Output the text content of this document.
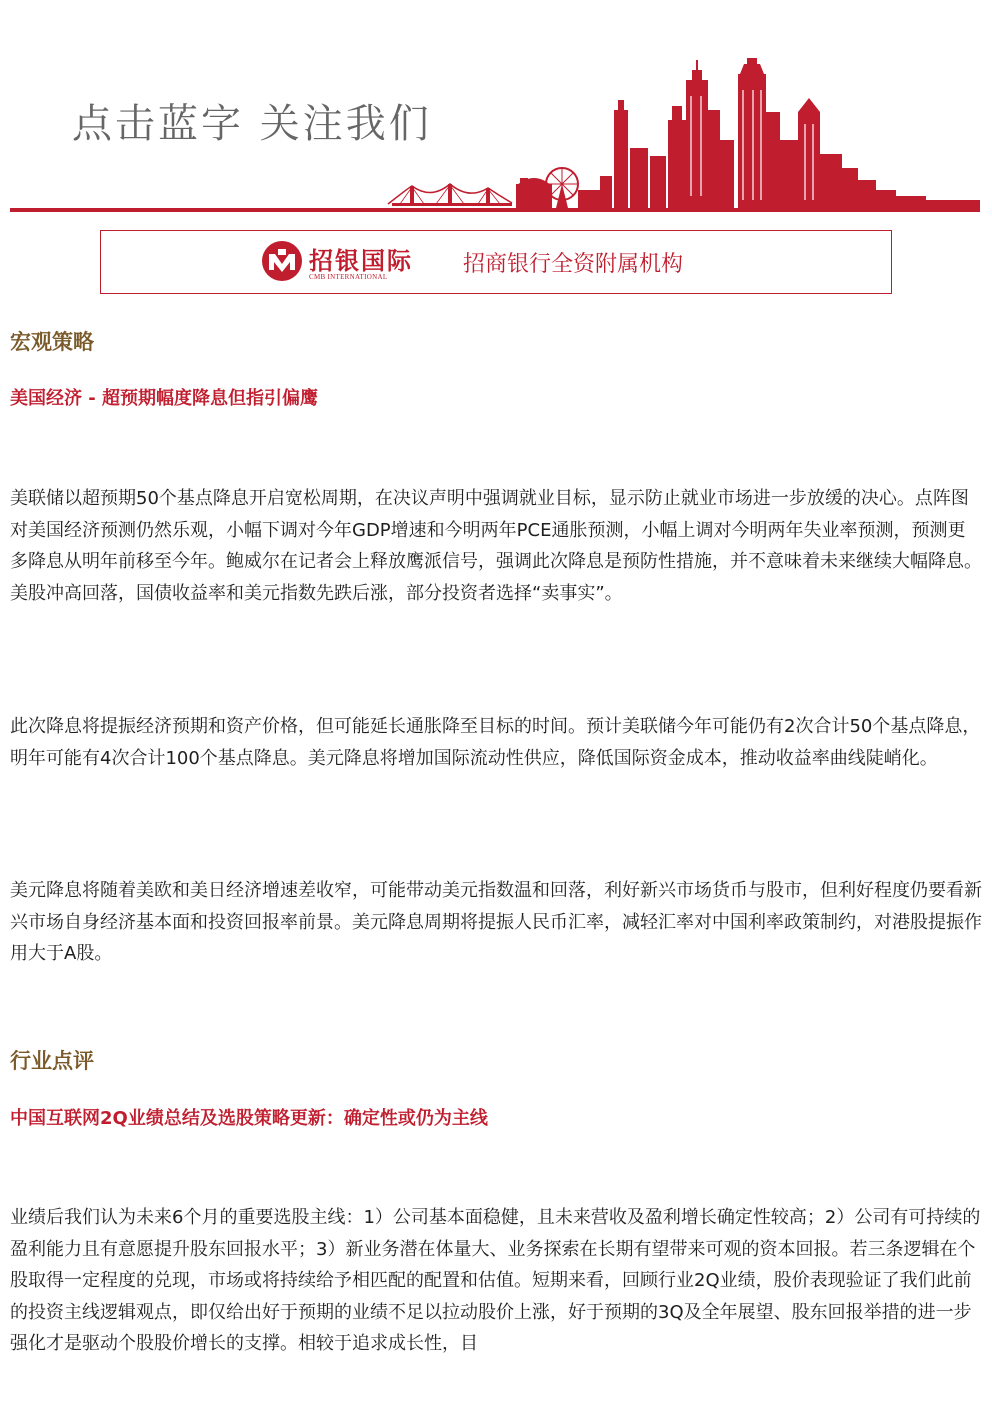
点击蓝字 关注我们
招银国际
CMB INTERNATIONAL	招商银行全资附属机构
宏观策略
美国经济 - 超预期幅度降息但指引偏鹰

美联储以超预期50个基点降息开启宽松周期，在决议声明中强调就业目标，显示防止就业市场进一步放缓的决心。点阵图对美国经济预测仍然乐观，小幅下调对今年GDP增速和今明两年PCE通胀预测，小幅上调对今明两年失业率预测，预测更多降息从明年前移至今年。鲍威尔在记者会上释放鹰派信号，强调此次降息是预防性措施，并不意味着未来继续大幅降息。美股冲高回落，国债收益率和美元指数先跌后涨，部分投资者选择“卖事实”。

此次降息将提振经济预期和资产价格，但可能延长通胀降至目标的时间。预计美联储今年可能仍有2次合计50个基点降息，明年可能有4次合计100个基点降息。美元降息将增加国际流动性供应，降低国际资金成本，推动收益率曲线陡峭化。

美元降息将随着美欧和美日经济增速差收窄，可能带动美元指数温和回落，利好新兴市场货币与股市，但利好程度仍要看新兴市场自身经济基本面和投资回报率前景。美元降息周期将提振人民币汇率，减轻汇率对中国利率政策制约，对港股提振作用大于A股。

行业点评
中国互联网2Q业绩总结及选股策略更新：确定性或仍为主线

业绩后我们认为未来6个月的重要选股主线：1）公司基本面稳健，且未来营收及盈利增长确定性较高；2）公司有可持续的盈利能力且有意愿提升股东回报水平；3）新业务潜在体量大、业务探索在长期有望带来可观的资本回报。若三条逻辑在个股取得一定程度的兑现，市场或将持续给予相匹配的配置和估值。短期来看，回顾行业2Q业绩，股价表现验证了我们此前的投资主线逻辑观点，即仅给出好于预期的业绩不足以拉动股价上涨，好于预期的3Q及全年展望、股东回报举措的进一步强化才是驱动个股股价增长的支撑。相较于追求成长性，目
